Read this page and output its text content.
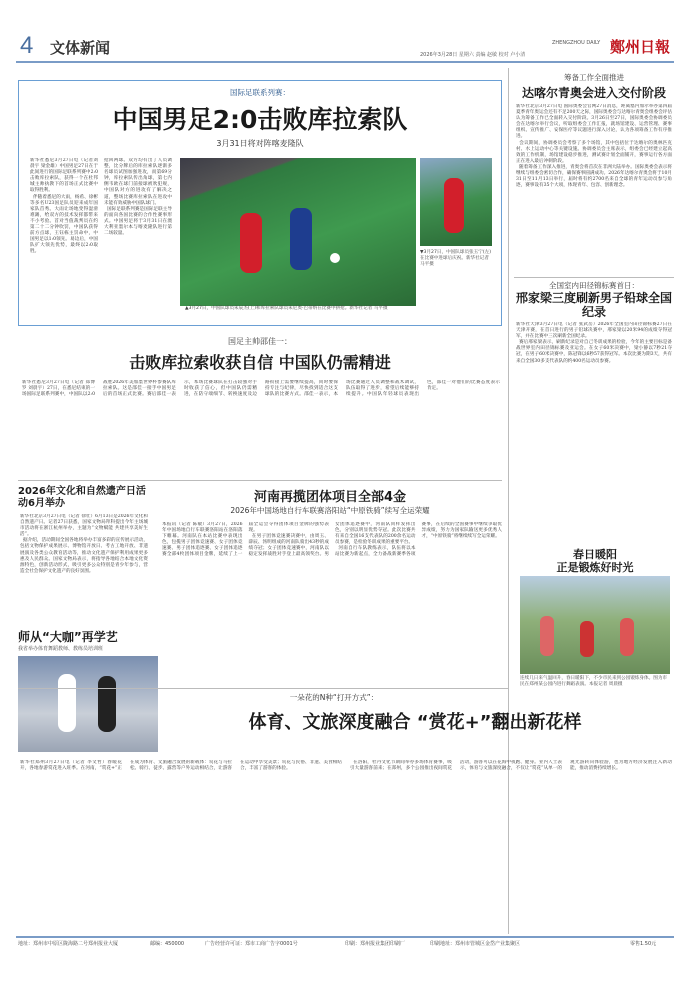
4 文体新闻	2026年3月28日 星期六 责编 赵敏 校对 卢小清
ZHENGZHOU DAILY 鄭州日報
国际足联系列赛：
中国男足2:0击败库拉索队
3月31日将对阵喀麦隆队
新华社悉尼3月27日电（记者刘晨宇 梁金雄）中国男足27日在于此间进行的国际足联系列赛中2:0击败库拉索队，获得一个在杜邦城主帅执教下的首场正式比赛中取得胜利。
伴随着悉尼的大雨，杨希、徐彬等多名U23国足队员迎来成年国家队首秀。大雨让场地变得湿滑难踢，给双方的技术发挥都带来不小考验。首对当值裁判员在约第二十二分钟吹罚，中国队获得前方点球，王钰栋主罚命中，中国男足以1:0领先。易边后，中国队扩大领先优势，最终以2:0取胜。
抢回两球。双方均有出了人员调整，比分牌后的库拉索队逐渐多名球员试图加强进攻，而第69分钟，库拉索队传出角球，第七内侧韦欧在球门前接球被吹犯规，中国队对方的进攻有了解决之道，整场比赛库拉索队在进攻中未能有效威胁中国队球门。
国际足联系列赛是国际足联主导的面向各国比赛的合作性赛事形式。中国男足将于3月31日在澳大利亚墨尔本与喀麦隆队进行第二场较量。
▲3月27日，中国队球员朱辰杰(上)和库拉索队球员朱尼奥·巴蒂纳在比赛中拼抢。新华社记者 马平摄
▼3月27日，中国队球员张玉宁(左)在比赛中进球后庆祝。新华社记者 马平摄
国足主帅邵佳一：
击败库拉索收获自信 中国队仍需精进
新华社悉尼3月27日电（记者 郑博 罗 刘晨宇）27日，在悉尼结束的一场国际足联系列赛中，中国队以2:0战胜2026年美加墨世界杯参赛队库拉索队。这是邵佳一接手中国男足后的首场正式比赛。赛后邵佳一表示，本场比赛球队在打击较强对手时收获了信心，但中国队仍需精进，在防守端细节、转换速度及边路衔接上需要继续提高，同时要保持专注与纪律，尽快找到适合这支球队的比赛方式。邵佳一表示，本场比赛通过人员调整和战术调试，队伍取得了进步，希望后续能够持续提升。中国队年轻球员表现出色，邵佳一对他们的比赛态度表示肯定。
筹备工作全面推进
达喀尔青奥会进入交付阶段
新华社北京3月27日电 国际奥委会官网27日消息，距离塞内加尔举办第四届夏季青年奥运会还有不足200天之际，国际奥委会与达喀尔青奥会组委会评估认为筹备工作已全面转入交付阶段。3月26日至27日，国际奥委会协调委员会在达喀尔举行会议，听取组委会工作汇报，就场馆建设、运营管理、赛事组织、宣传推广、安保医疗等议题进行深入讨论，认为各项筹备工作有序推进。
会议期间，协调委员会考察了多个场馆，其中包括位于达喀尔的奥林匹克村、水上运动中心等关键设施。协调委员会主席表示，组委会已经建立起高效的工作机制，场馆建设稳步推进，测试赛计划全面铺开，赛事运行各方面正在进入最后冲刺阶段。
随着筹备工作深入推进，青奥会将首次在非洲大陆举办。国际奥委会表示将继续与组委会密切合作，确保赛事圆满成功。2026年达喀尔青奥会将于10月31日至11月13日举行，届时将有约2700名来自全球的青年运动员参与角逐，赛事设有35个大项，体现青年、包容、创新理念。
全国室内田径锦标赛首日：
邢家梁三度刷新男子铅球全国纪录
新华社天津3月27日电（记者 张武岳）2026年全国室内田径锦标赛27日在天津开赛，在首日进行的男子铅球决赛中，邢家梁以20米94的成绩夺得冠军，并在比赛中三次刷新全国纪录。
赛后邢家梁表示，刷新纪录是对自己冬训成果的检验，今年的主要目标是备战世界室内田径锦标赛及亚运会。在女子60米决赛中，梁小静以7秒21夺冠，在男子60米决赛中，陈冠锋以6秒57获得冠军。本次比赛为期3天，共有来自全国30多支代表队的约400名运动员参赛。
2026年文化和自然遗产日活动6月举办
新华社北京3月27日电（记者 徐壮）6月13日是2026年文化和自然遗产日。记者27日获悉，国家文物局拜科提出今年主场城市活动将在浙江杭州举办，主题为“文物赋能 共建共享美好生活”。
据介绍，活动期间全国各地将举办丰富多彩的宣传展示活动，包括文物保护成果展示、博物馆开放日、考古工地开放、非遗展演及各类公众教育活动等，推动文化遗产保护利用成果更多惠及人民群众。国家文物局表示，将指导各地结合本地文化资源特色，创新活动形式，吸引更多公众特别是青少年参与，营造全社会保护文化遗产的良好氛围。
河南再揽团体项目全部4金
2026年中国场地自行车联赛洛阳站“中原铁骑”续写全运荣耀
本报讯（记者 陈敏）3月27日，2026年中国场地自行车联赛洛阳站在洛阳落下帷幕。河南队在本站比赛中表现出色，包揽男子团体竞速赛、女子团体竞速赛、男子团体追逐赛、女子团体追逐赛全部4枚团体项目金牌，延续了上一届全运会夺得团体项目金牌的强势表现。
在男子团体竞速赛决赛中，由周玉、薛辰、汤明组成的河南队骑出43秒的成绩夺冠；女子团体竞速赛中，河南队以稳定发挥战胜对手登上最高领奖台。男女团体追逐赛中，河南队同样发挥出色，分别以明显优势夺冠。此次比赛共有来自全国16支代表队的200余名运动员参赛，是检验冬训成果的重要平台。
河南自行车队教练表示，队伍将以本站比赛为新起点，全力备战新赛季各项赛事，在后续的全国赛事中继续争取优异成绩，努力为国家队输送更多优秀人才，“中原铁骑”将继续续写全运荣耀。
春日暖阳
正是锻炼好时光
连续几日来气温回升，春日暖阳下，不少市民来到公园锻炼身体。图为市民在郑州某公园内进行舞蹈表演。本报记者 周晨摄
师从“大咖”再学艺
我省举办体育舞蹈教师、教练员培训班
一朵花的N种“打开方式”：
体育、文旅深度融合 “赏花+”翻出新花样
新华社郑州3月27日电（记者 李文哲）春暖花开，各地春游赏花进入旺季。在河南，“赏花+”正在成为体育、文旅融合发展的新载体：赏花与马拉松、骑行、徒步、露营等户外运动相结合，让游客在运动中享受美景；赏花与民俗、非遗、美食相结合，丰富了游客的体验。
在洛阳，牡丹文化节期间举办多场体育赛事，吸引大量游客前来；在郑州，多个公园推出夜间赏花活动，游客可以在花海中夜跑、健身。业内人士表示，体育与文旅深度融合，不仅让“赏花”从单一的观光游转向体验游，也为地方经济发展注入新动能，推动消费持续增长。
地址：郑州市中原区陇海路二号郑州报业大厦	邮编：450000	广告经营许可证：郑市工商广告字0001号	印刷：郑州报业集团印刷厂	印刷地址：郑州市管城区金岱产业集聚区	零售1.50元
